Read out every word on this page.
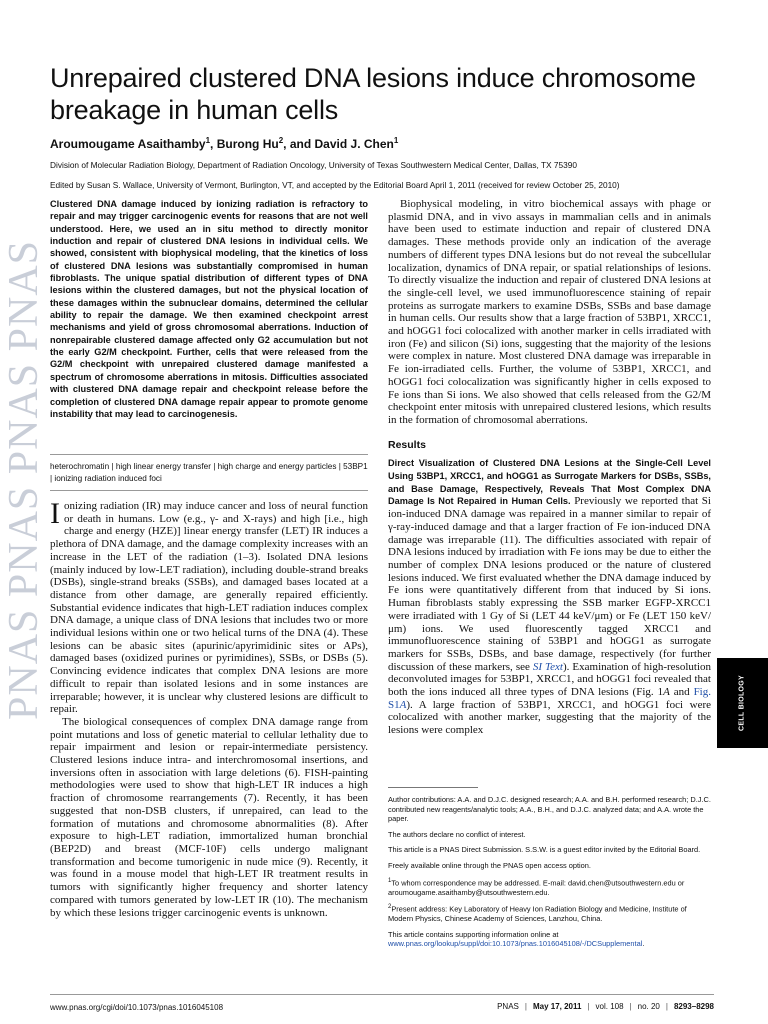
PNAS PNAS PNAS PNAS
Unrepaired clustered DNA lesions induce chromosome breakage in human cells
Aroumougame Asaithamby$^1$, Burong Hu$^2$, and David J. Chen$^1$
Division of Molecular Radiation Biology, Department of Radiation Oncology, University of Texas Southwestern Medical Center, Dallas, TX 75390
Edited by Susan S. Wallace, University of Vermont, Burlington, VT, and accepted by the Editorial Board April 1, 2011 (received for review October 25, 2010)

Clustered DNA damage induced by ionizing radiation is refractory to repair and may trigger carcinogenic events for reasons that are not well understood. Here, we used an in situ method to directly monitor induction and repair of clustered DNA lesions in individual cells. We showed, consistent with biophysical modeling, that the kinetics of loss of clustered DNA lesions was substantially compromised in human fibroblasts. The unique spatial distribution of different types of DNA lesions within the clustered damages, but not the physical location of these damages within the subnuclear domains, determined the cellular ability to repair the damage. We then examined checkpoint arrest mechanisms and yield of gross chromosomal aberrations. Induction of nonrepairable clustered damage affected only G2 accumulation but not the early G2/M checkpoint. Further, cells that were released from the G2/M checkpoint with unrepaired clustered damage manifested a spectrum of chromosome aberrations in mitosis. Difficulties associated with clustered DNA damage repair and checkpoint release before the completion of clustered DNA damage repair appear to promote genome instability that may lead to carcinogenesis.

heterochromatin | high linear energy transfer | high charge and energy particles | 53BP1 | ionizing radiation induced foci

Ionizing radiation (IR) may induce cancer and loss of neural function or death in humans. Low (e.g., γ- and X-rays) and high [i.e., high charge and energy (HZE)] linear energy transfer (LET) IR induces a plethora of DNA damage, and the damage complexity increases with an increase in the LET of the radiation (1–3). Isolated DNA lesions (mainly induced by low-LET radiation), including double-strand breaks (DSBs), single-strand breaks (SSBs), and damaged bases located at a distance from other damage, are generally repaired efficiently. Substantial evidence indicates that high-LET radiation induces complex DNA damage, a unique class of DNA lesions that includes two or more individual lesions within one or two helical turns of the DNA (4). These lesions can be abasic sites (apurinic/apyrimidinic sites or APs), damaged bases (oxidized purines or pyrimidines), SSBs, or DSBs (5). Convincing evidence indicates that complex DNA lesions are more difficult to repair than isolated lesions and in some instances are irreparable; however, it is unclear why clustered lesions are difficult to repair.

The biological consequences of complex DNA damage range from point mutations and loss of genetic material to cellular lethality due to repair impairment and lesion or repair-intermediate persistency. Clustered lesions induce intra- and interchromosomal insertions, and inversions often in association with large deletions (6). FISH-painting methodologies were used to show that high-LET IR induces a high fraction of chromosome rearrangements (7). Recently, it has been suggested that non-DSB clusters, if unrepaired, can lead to the formation of mutations and chromosome abnormalities (8). After exposure to high-LET radiation, immortalized human bronchial (BEP2D) and breast (MCF-10F) cells undergo malignant transformation and become tumorigenic in nude mice (9). Recently, it was found in a mouse model that high-LET IR treatment results in tumors with significantly higher frequency and shorter latency compared with tumors generated by low-LET IR (10). The mechanism by which these lesions trigger carcinogenic events is unknown.

Biophysical modeling, in vitro biochemical assays with phage or plasmid DNA, and in vivo assays in mammalian cells and in animals have been used to estimate induction and repair of clustered DNA damages. These methods provide only an indication of the average numbers of different types DNA lesions but do not reveal the subcellular localization, dynamics of DNA repair, or spatial relationships of lesions. To directly visualize the induction and repair of clustered DNA lesions at the single-cell level, we used immunofluorescence staining of repair proteins as surrogate markers to examine DSBs, SSBs and base damage in human cells. Our results show that a large fraction of 53BP1, XRCC1, and hOGG1 foci colocalized with another marker in cells irradiated with iron (Fe) and silicon (Si) ions, suggesting that the majority of the lesions were complex in nature. Most clustered DNA damage was irreparable in Fe ion-irradiated cells. Further, the volume of 53BP1, XRCC1, and hOGG1 foci colocalization was significantly higher in cells exposed to Fe ions than Si ions. We also showed that cells released from the G2/M checkpoint enter mitosis with unrepaired clustered lesions, which results in the formation of chromosomal aberrations.

Results

Direct Visualization of Clustered DNA Lesions at the Single-Cell Level Using 53BP1, XRCC1, and hOGG1 as Surrogate Markers for DSBs, SSBs, and Base Damage, Respectively, Reveals That Most Complex DNA Damage Is Not Repaired in Human Cells. Previously we reported that Si ion-induced DNA damage was repaired in a manner similar to repair of γ-ray-induced damage and that a larger fraction of Fe ion-induced DNA damage was irreparable (11). The difficulties associated with repair of DNA lesions induced by irradiation with Fe ions may be due to either the number of complex DNA lesions produced or the nature of clustered lesions induced. We first evaluated whether the DNA damage induced by Fe ions were quantitatively different from that induced by Si ions. Human fibroblasts stably expressing the SSB marker EGFP-XRCC1 were irradiated with 1 Gy of Si (LET 44 keV/μm) or Fe (LET 150 keV/μm) ions. We used fluorescently tagged XRCC1 and immunofluorescence staining of 53BP1 and hOGG1 as surrogate markers for SSBs, DSBs, and base damage, respectively (for further discussion of these markers, see SI Text). Examination of high-resolution deconvoluted images for 53BP1, XRCC1, and hOGG1 foci revealed that both the ions induced all three types of DNA lesions (Fig. 1A and Fig. S1A). A large fraction of 53BP1, XRCC1, and hOGG1 foci were colocalized with another marker, suggesting that the majority of the lesions were complex

Author contributions: A.A. and D.J.C. designed research; A.A. and B.H. performed research; D.J.C. contributed new reagents/analytic tools; A.A., B.H., and D.J.C. analyzed data; and A.A. wrote the paper.

The authors declare no conflict of interest.

This article is a PNAS Direct Submission. S.S.W. is a guest editor invited by the Editorial Board.

Freely available online through the PNAS open access option.

$^1$To whom correspondence may be addressed. E-mail: david.chen@utsouthwestern.edu or aroumougame.asaithamby@utsouthwestern.edu.

$^2$Present address: Key Laboratory of Heavy Ion Radiation Biology and Medicine, Institute of Modern Physics, Chinese Academy of Sciences, Lanzhou, China.

This article contains supporting information online at www.pnas.org/lookup/suppl/doi:10.1073/pnas.1016045108/-/DCSupplemental.

CELL BIOLOGY
www.pnas.org/cgi/doi/10.1073/pnas.1016045108	PNAS | May 17, 2011 | vol. 108 | no. 20 | 8293–8298
